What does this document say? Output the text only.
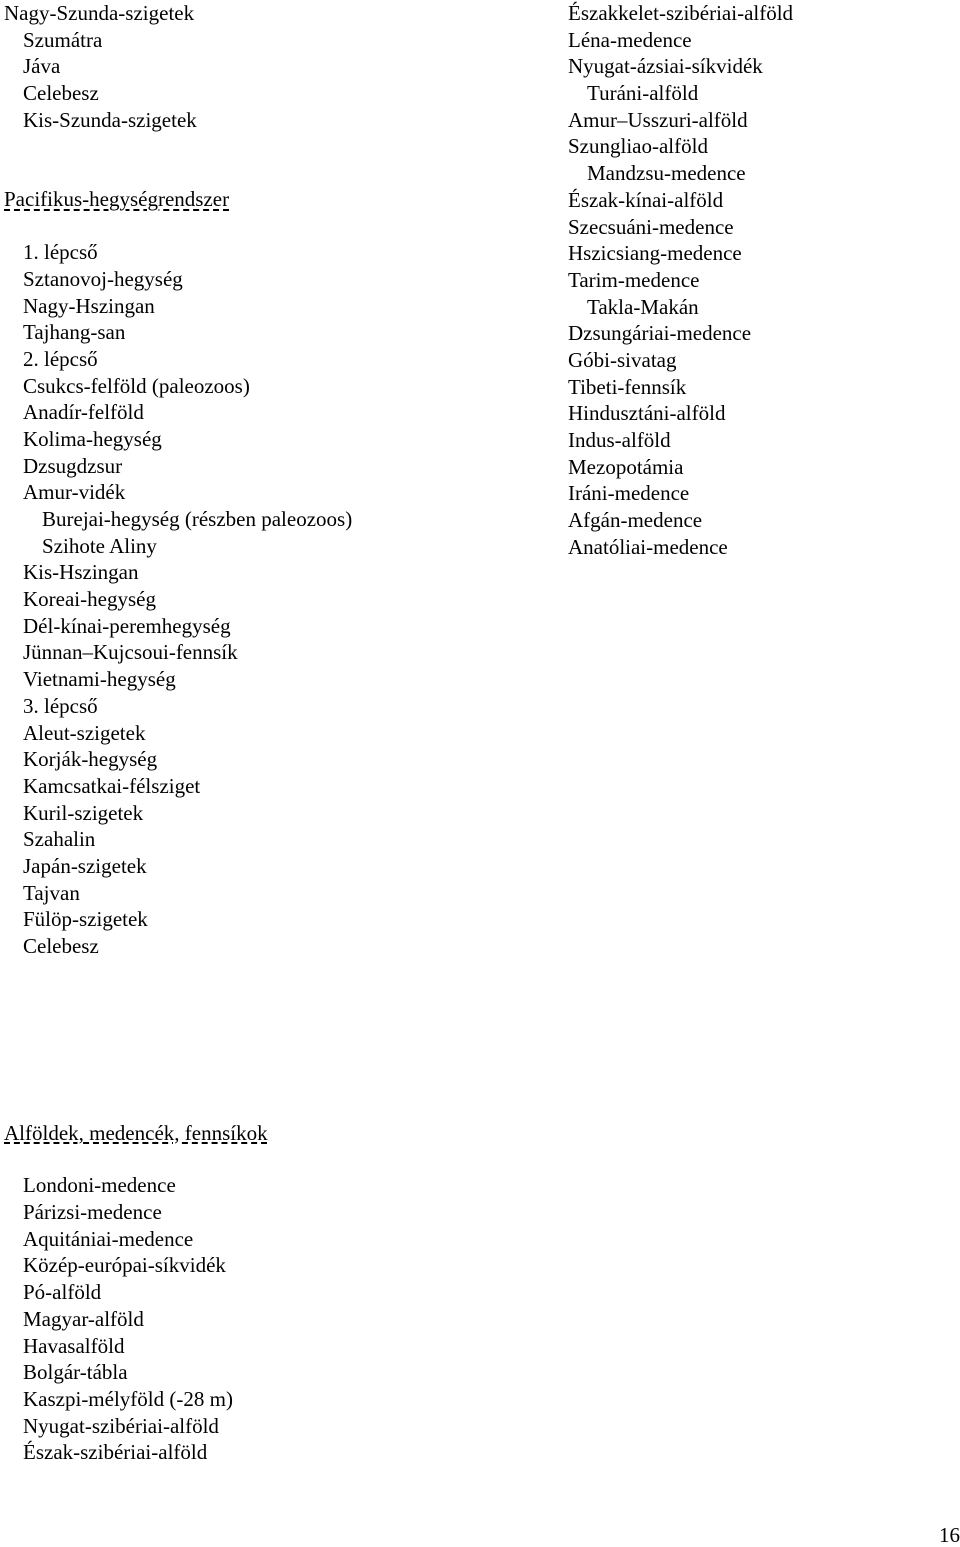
Nagy-Szunda-szigetek
Szumátra
Jáva
Celebesz
Kis-Szunda-szigetek
Pacifikus-hegységrendszer
1. lépcső
Sztanovoj-hegység
Nagy-Hszingan
Tajhang-san
2. lépcső
Csukcs-felföld (paleozoos)
Anadír-felföld
Kolima-hegység
Dzsugdzsur
Amur-vidék
Burejai-hegység (részben paleozoos)
Szihote Aliny
Kis-Hszingan
Koreai-hegység
Dél-kínai-peremhegység
Jünnan–Kujcsoui-fennsík
Vietnami-hegység
3. lépcső
Aleut-szigetek
Korják-hegység
Kamcsatkai-félsziget
Kuril-szigetek
Szahalin
Japán-szigetek
Tajvan
Fülöp-szigetek
Celebesz
Alföldek, medencék, fennsíkok
Londoni-medence
Párizsi-medence
Aquitániai-medence
Közép-európai-síkvidék
Pó-alföld
Magyar-alföld
Havasalföld
Bolgár-tábla
Kaszpi-mélyföld (-28 m)
Nyugat-szibériai-alföld
Észak-szibériai-alföld
Északkelet-szibériai-alföld
Léna-medence
Nyugat-ázsiai-síkvidék
Turáni-alföld
Amur–Usszuri-alföld
Szungliao-alföld
Mandzsu-medence
Észak-kínai-alföld
Szecsuáni-medence
Hszicsiang-medence
Tarim-medence
Takla-Makán
Dzsungáriai-medence
Góbi-sivatag
Tibeti-fennsík
Hindusztáni-alföld
Indus-alföld
Mezopotámia
Iráni-medence
Afgán-medence
Anatóliai-medence
16
